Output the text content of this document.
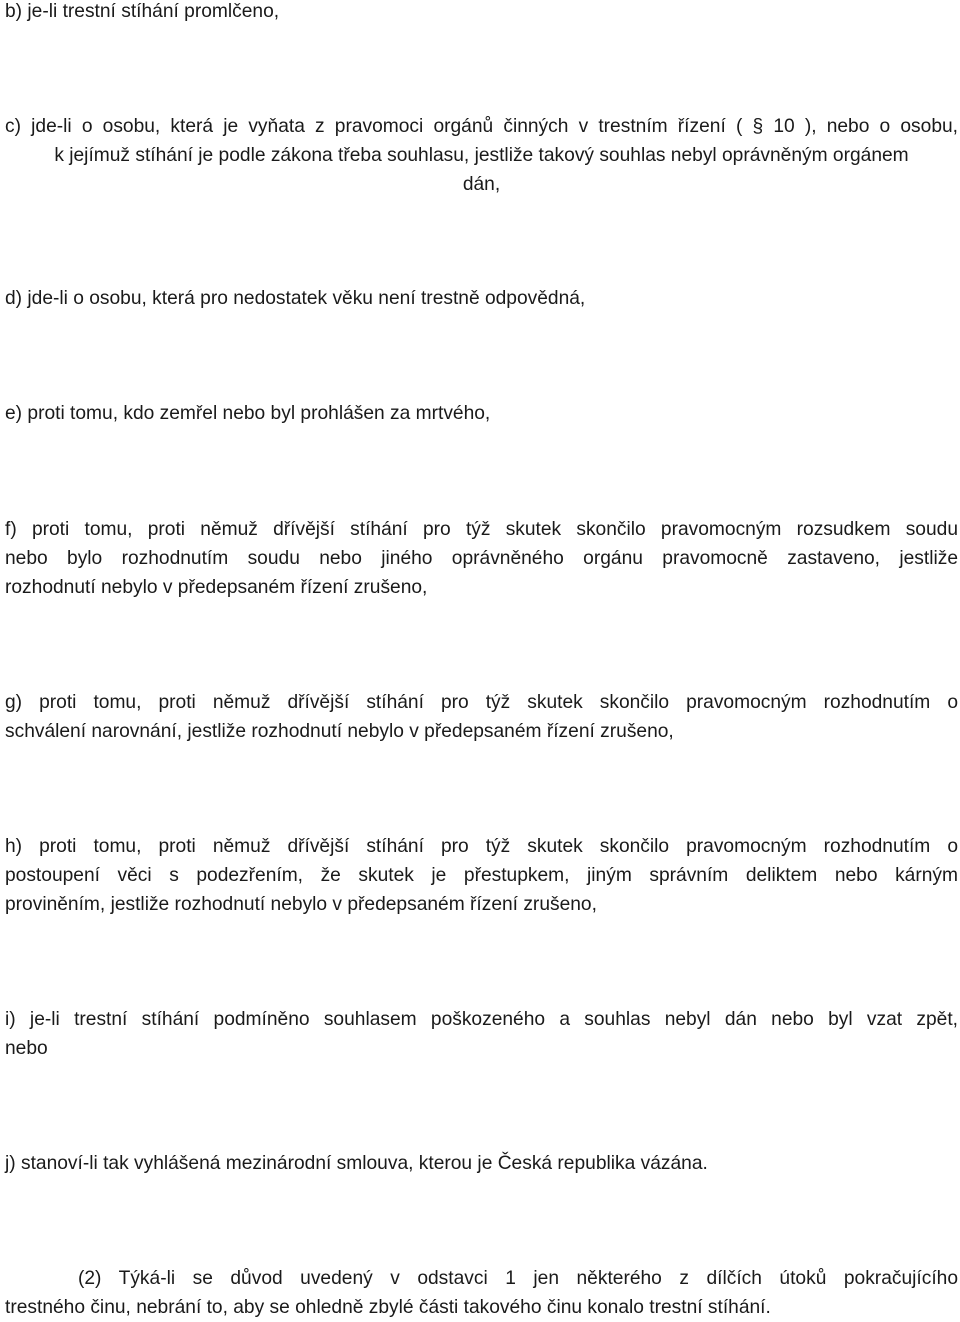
b) je-li trestní stíhání promlčeno,

c) jde-li o osobu, která je vyňata z pravomoci orgánů činných v trestním řízení ( § 10 ), nebo o osobu,
k jejímuž stíhání je podle zákona třeba souhlasu, jestliže takový souhlas nebyl oprávněným orgánem
dán,

d) jde-li o osobu, která pro nedostatek věku není trestně odpovědná,

e) proti tomu, kdo zemřel nebo byl prohlášen za mrtvého,

f) proti tomu, proti němuž dřívější stíhání pro týž skutek skončilo pravomocným rozsudkem soudu
nebo bylo rozhodnutím soudu nebo jiného oprávněného orgánu pravomocně zastaveno, jestliže
rozhodnutí nebylo v předepsaném řízení zrušeno,

g) proti tomu, proti němuž dřívější stíhání pro týž skutek skončilo pravomocným rozhodnutím o
schválení narovnání, jestliže rozhodnutí nebylo v předepsaném řízení zrušeno,

h) proti tomu, proti němuž dřívější stíhání pro týž skutek skončilo pravomocným rozhodnutím o
postoupení věci s podezřením, že skutek je přestupkem, jiným správním deliktem nebo kárným
proviněním, jestliže rozhodnutí nebylo v předepsaném řízení zrušeno,

i) je-li trestní stíhání podmíněno souhlasem poškozeného a souhlas nebyl dán nebo byl vzat zpět,
nebo

j) stanoví-li tak vyhlášená mezinárodní smlouva, kterou je Česká republika vázána.

(2) Týká-li se důvod uvedený v odstavci 1 jen některého z dílčích útoků pokračujícího
trestného činu, nebrání to, aby se ohledně zbylé části takového činu konalo trestní stíhání.
